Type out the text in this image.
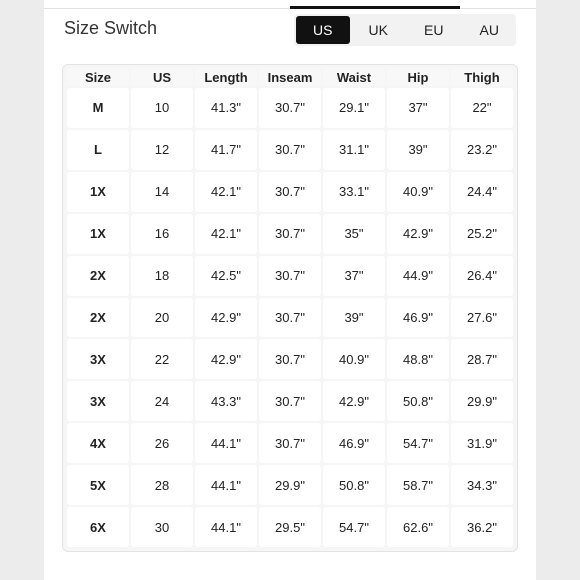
Size Switch	US	UK	EU	AU
Size	US	Length	Inseam	Waist	Hip	Thigh
M	10	41.3"	30.7"	29.1"	37"	22"
L	12	41.7"	30.7"	31.1"	39"	23.2"
1X	14	42.1"	30.7"	33.1"	40.9"	24.4"
1X	16	42.1"	30.7"	35"	42.9"	25.2"
2X	18	42.5"	30.7"	37"	44.9"	26.4"
2X	20	42.9"	30.7"	39"	46.9"	27.6"
3X	22	42.9"	30.7"	40.9"	48.8"	28.7"
3X	24	43.3"	30.7"	42.9"	50.8"	29.9"
4X	26	44.1"	30.7"	46.9"	54.7"	31.9"
5X	28	44.1"	29.9"	50.8"	58.7"	34.3"
6X	30	44.1"	29.5"	54.7"	62.6"	36.2"
